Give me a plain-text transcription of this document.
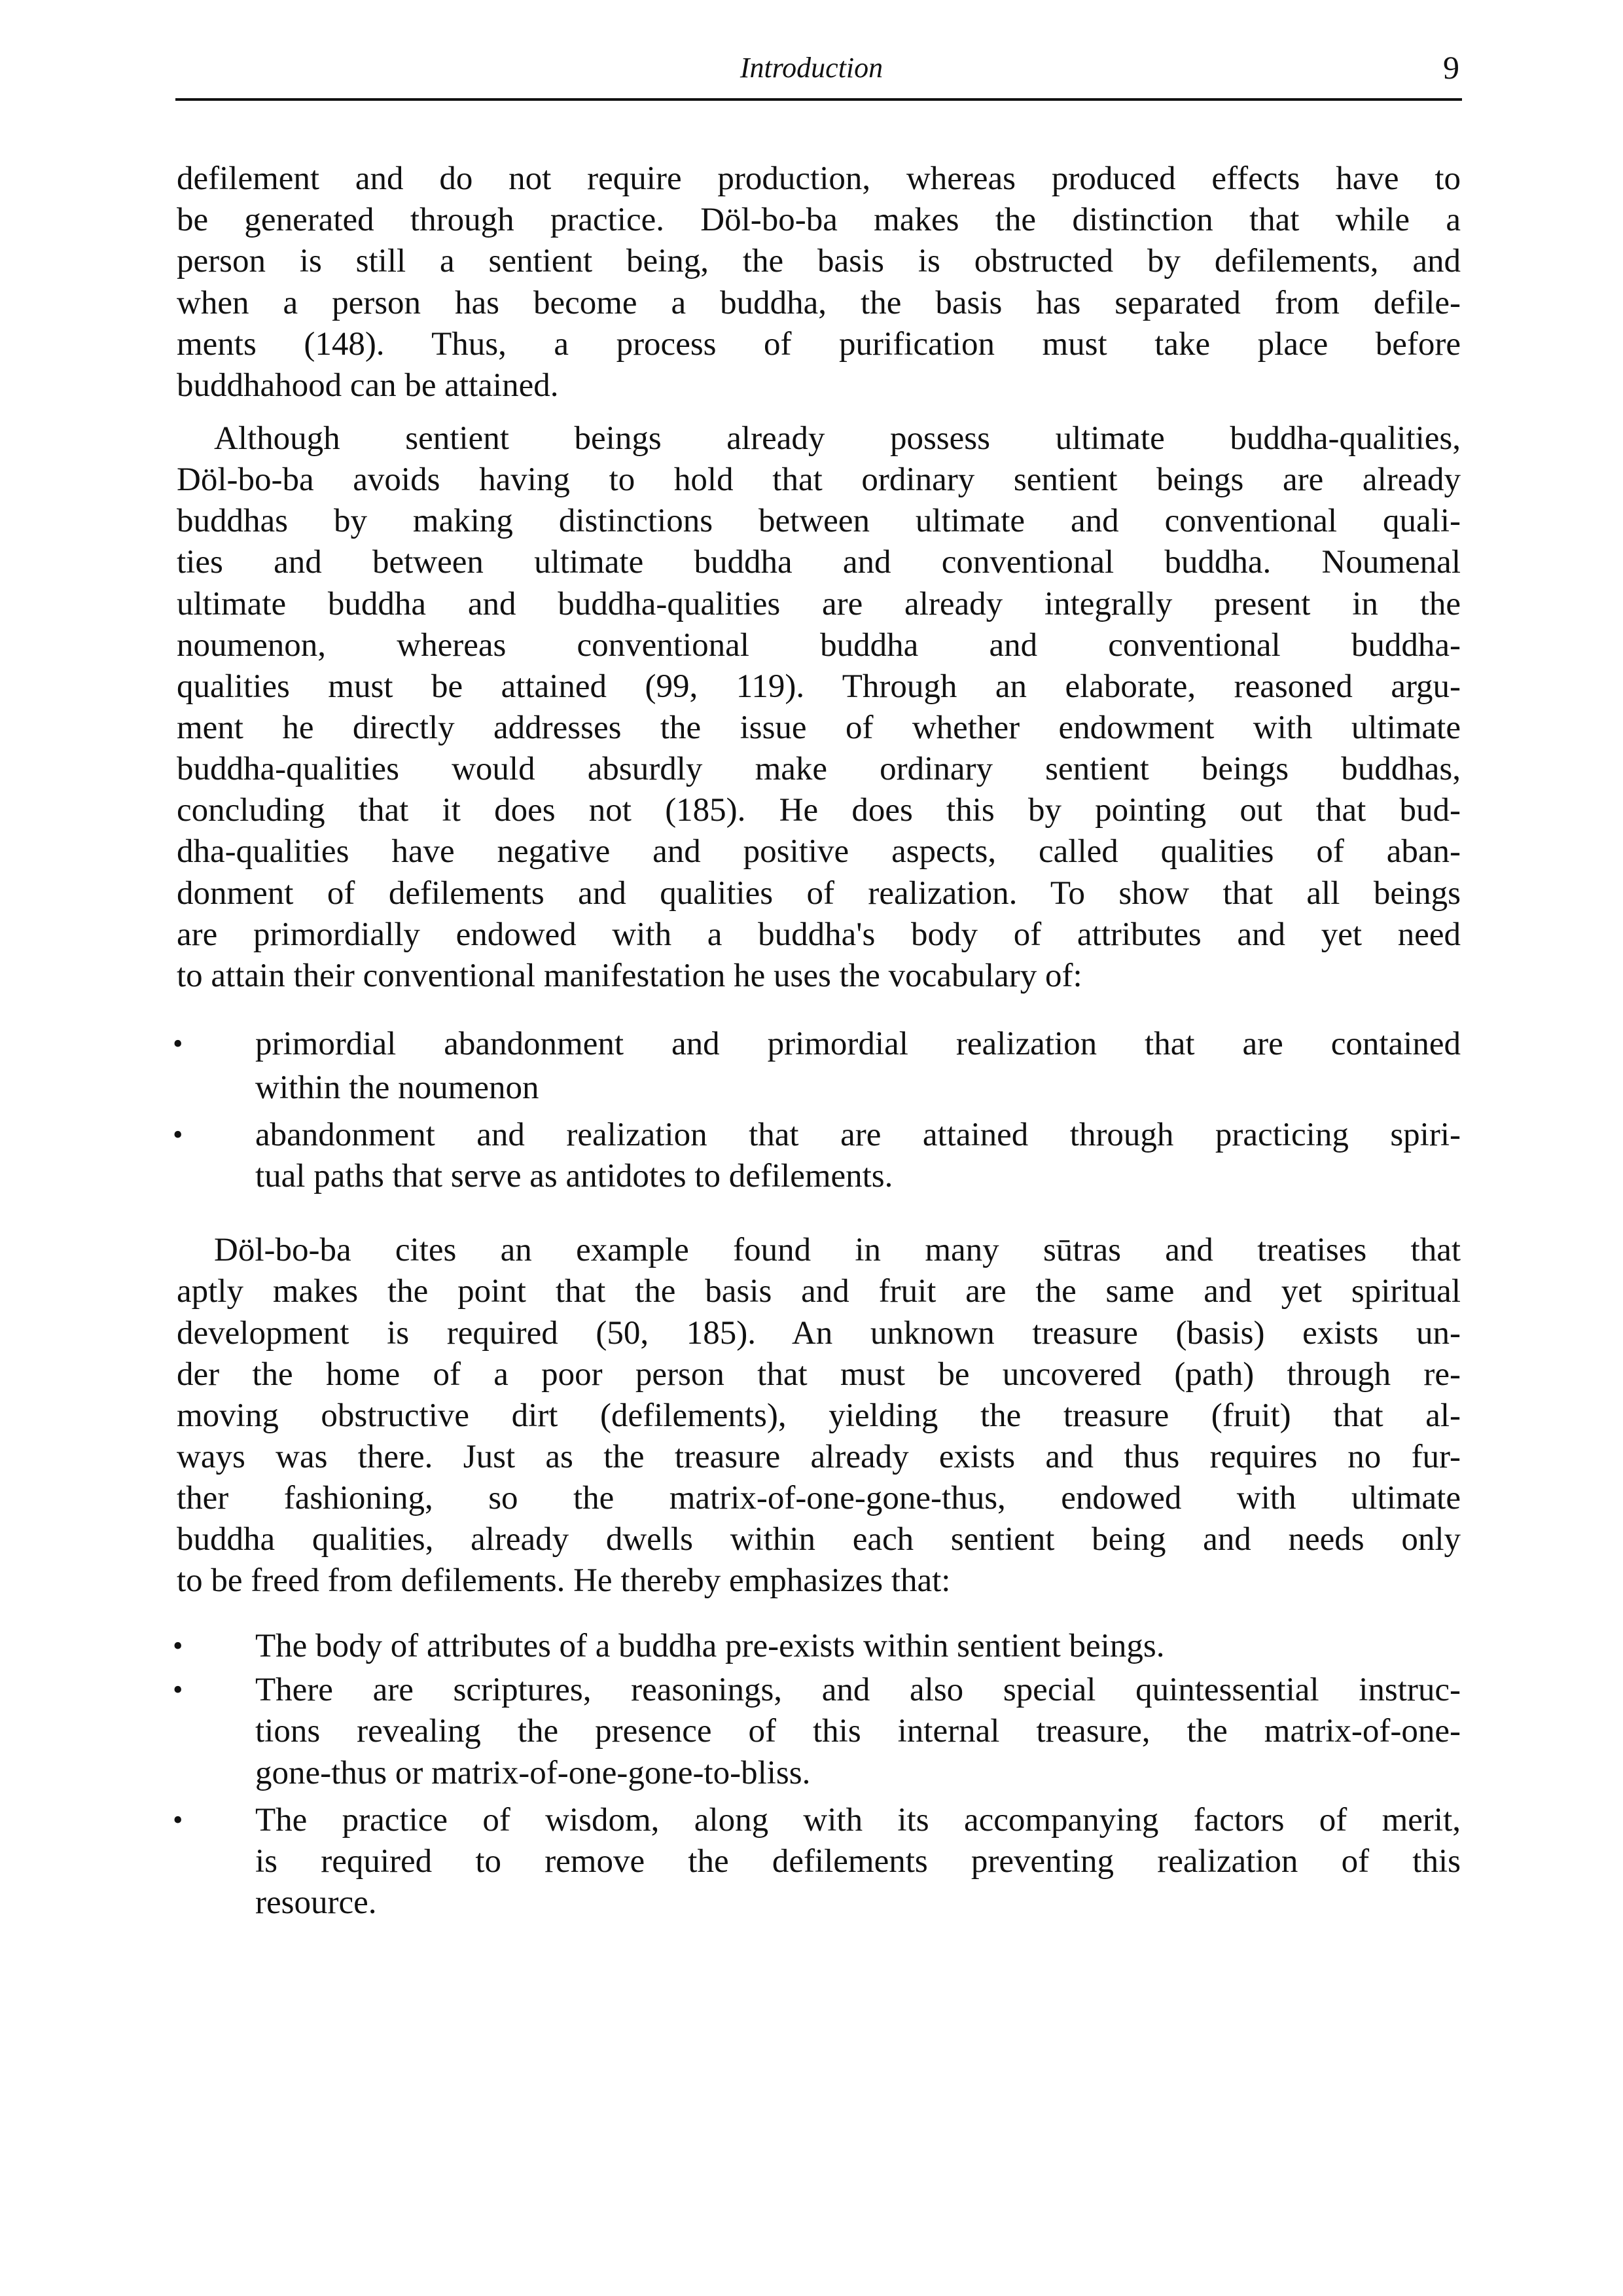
Introduction	9
defilement and do not require production, whereas produced effects have to
be generated through practice. Döl-bo-ba makes the distinction that while a
person is still a sentient being, the basis is obstructed by defilements, and
when a person has become a buddha, the basis has separated from defile-
ments (148). Thus, a process of purification must take place before
buddhahood can be attained.
Although sentient beings already possess ultimate buddha-qualities,
Döl-bo-ba avoids having to hold that ordinary sentient beings are already
buddhas by making distinctions between ultimate and conventional quali-
ties and between ultimate buddha and conventional buddha. Noumenal
ultimate buddha and buddha-qualities are already integrally present in the
noumenon, whereas conventional buddha and conventional buddha-
qualities must be attained (99, 119). Through an elaborate, reasoned argu-
ment he directly addresses the issue of whether endowment with ultimate
buddha-qualities would absurdly make ordinary sentient beings buddhas,
concluding that it does not (185). He does this by pointing out that bud-
dha-qualities have negative and positive aspects, called qualities of aban-
donment of defilements and qualities of realization. To show that all beings
are primordially endowed with a buddha's body of attributes and yet need
to attain their conventional manifestation he uses the vocabulary of:
primordial abandonment and primordial realization that are contained
•
within the noumenon
abandonment and realization that are attained through practicing spiri-
•
tual paths that serve as antidotes to defilements.
Döl-bo-ba cites an example found in many sūtras and treatises that
aptly makes the point that the basis and fruit are the same and yet spiritual
development is required (50, 185). An unknown treasure (basis) exists un-
der the home of a poor person that must be uncovered (path) through re-
moving obstructive dirt (defilements), yielding the treasure (fruit) that al-
ways was there. Just as the treasure already exists and thus requires no fur-
ther fashioning, so the matrix-of-one-gone-thus, endowed with ultimate
buddha qualities, already dwells within each sentient being and needs only
to be freed from defilements. He thereby emphasizes that:
The body of attributes of a buddha pre-exists within sentient beings.
•
There are scriptures, reasonings, and also special quintessential instruc-
•
tions revealing the presence of this internal treasure, the matrix-of-one-
gone-thus or matrix-of-one-gone-to-bliss.
The practice of wisdom, along with its accompanying factors of merit,
•
is required to remove the defilements preventing realization of this
resource.
